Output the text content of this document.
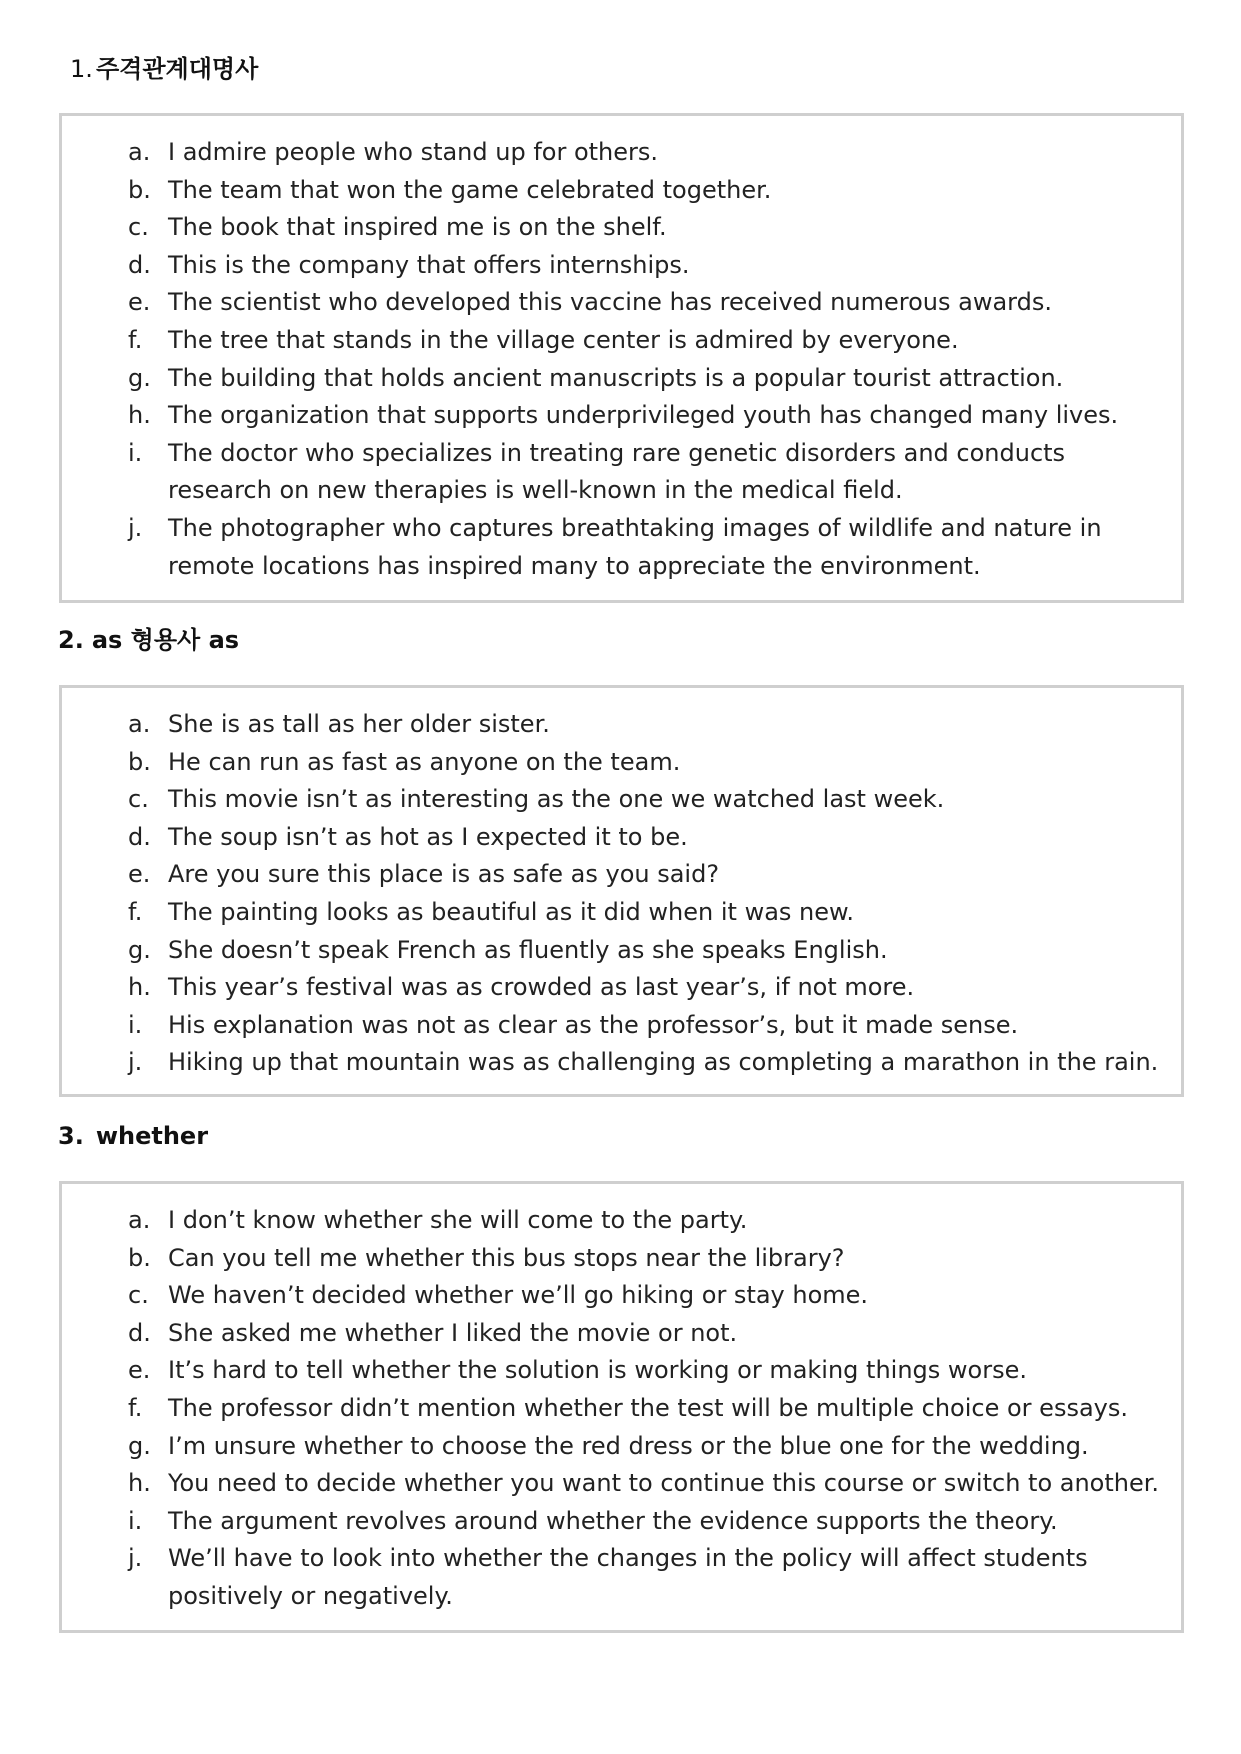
1. 주격관계대명사
a. I admire people who stand up for others.
b. The team that won the game celebrated together.
c. The book that inspired me is on the shelf.
d. This is the company that offers internships.
e. The scientist who developed this vaccine has received numerous awards.
f.	The tree that stands in the village center is admired by everyone.
g. The building that holds ancient manuscripts is a popular tourist attraction.
h. The organization that supports underprivileged youth has changed many lives.
i.	The doctor who specializes in treating rare genetic disorders and conducts
research on new therapies is well-known in the medical field.
j.	The photographer who captures breathtaking images of wildlife and nature in
remote locations has inspired many to appreciate the environment.
2. as 형용사 as
a. She is as tall as her older sister.
b. He can run as fast as anyone on the team.
c. This movie isn’t as interesting as the one we watched last week.
d. The soup isn’t as hot as I expected it to be.
e. Are you sure this place is as safe as you said?
f.	The painting looks as beautiful as it did when it was new.
g. She doesn’t speak French as fluently as she speaks English.
h. This year’s festival was as crowded as last year’s, if not more.
i.	His explanation was not as clear as the professor’s, but it made sense.
j.	Hiking up that mountain was as challenging as completing a marathon in the rain.
3. whether
a. I don’t know whether she will come to the party.
b. Can you tell me whether this bus stops near the library?
c. We haven’t decided whether we’ll go hiking or stay home.
d. She asked me whether I liked the movie or not.
e. It’s hard to tell whether the solution is working or making things worse.
f.	The professor didn’t mention whether the test will be multiple choice or essays.
g. I’m unsure whether to choose the red dress or the blue one for the wedding.
h. You need to decide whether you want to continue this course or switch to another.
i.	The argument revolves around whether the evidence supports the theory.
j.	We’ll have to look into whether the changes in the policy will affect students
positively or negatively.
